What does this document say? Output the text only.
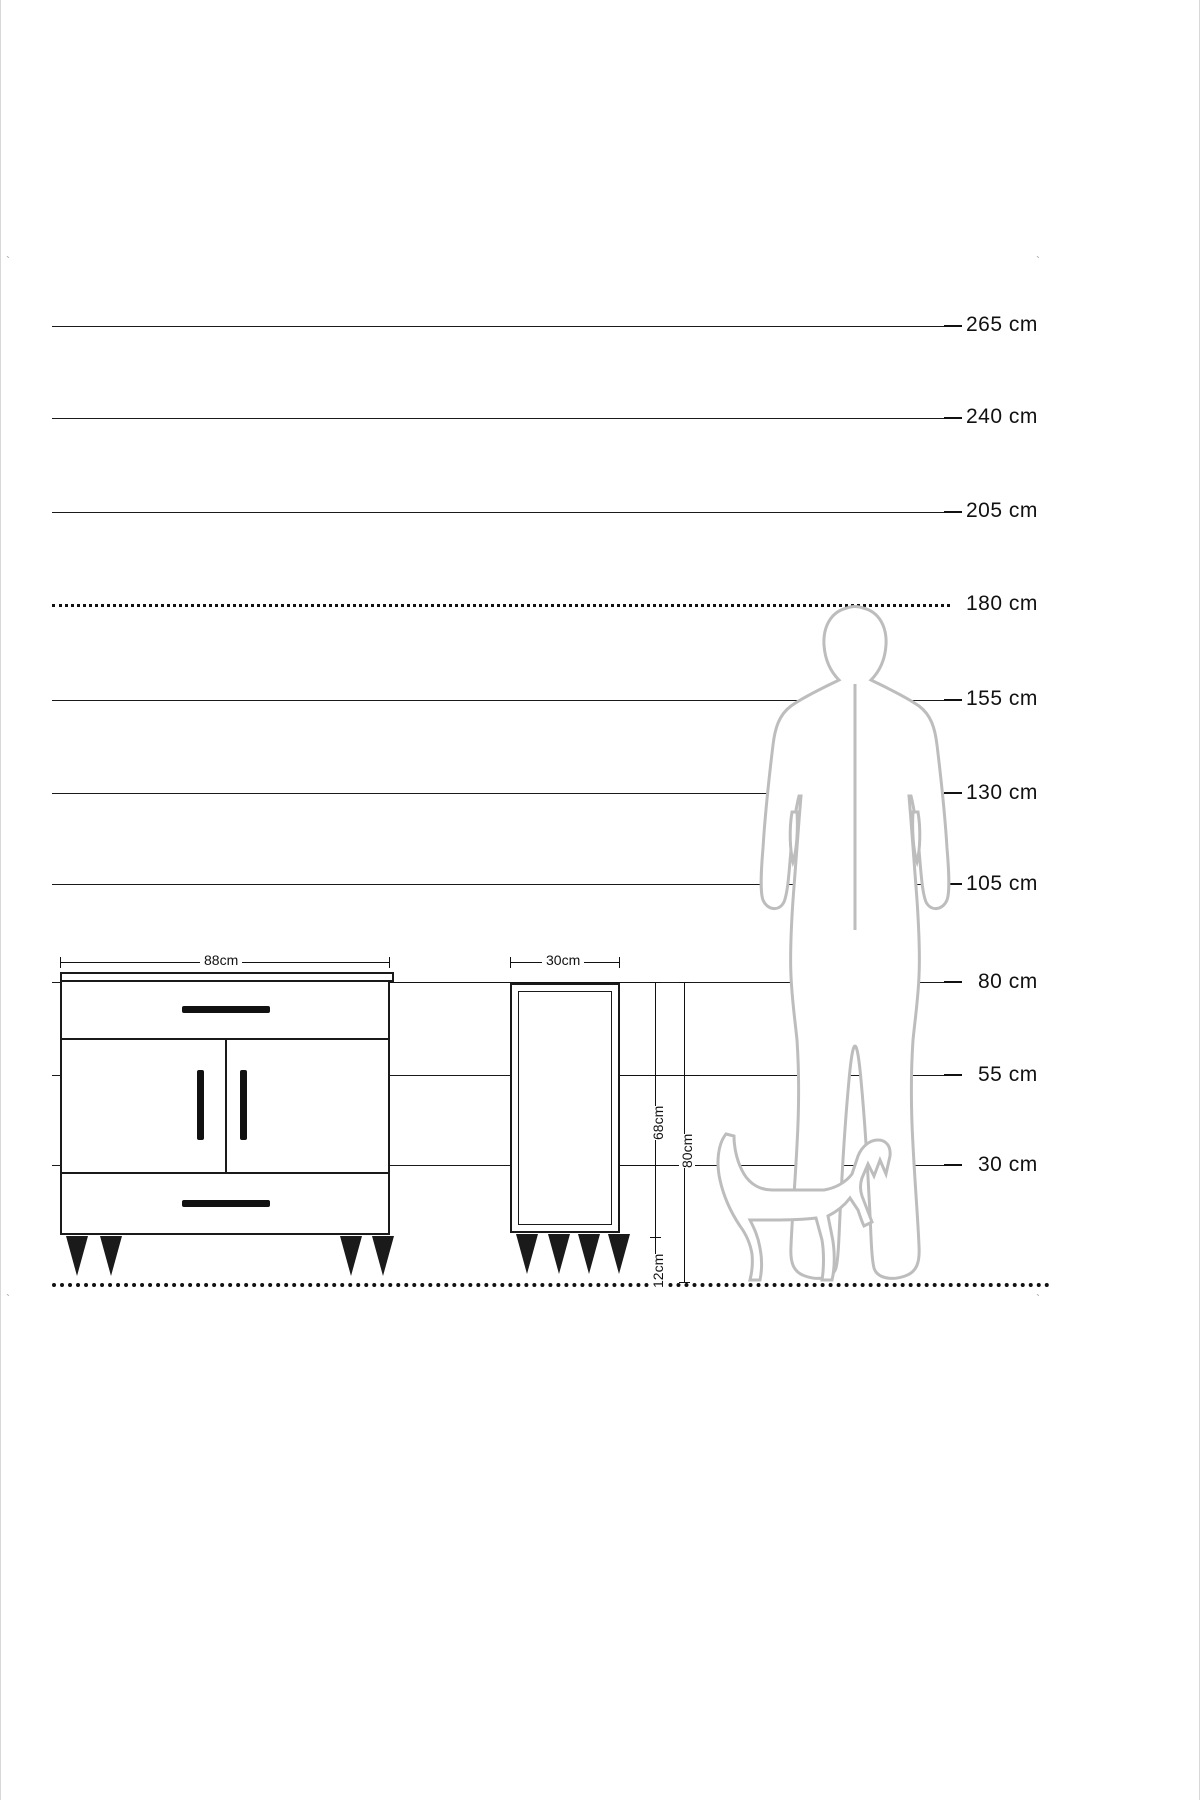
`	`
`	`
265 cm
240 cm
205 cm
180 cm
155 cm
130 cm
105 cm
80 cm
55 cm
30 cm
88cm	30cm
68cm
80cm
12cm
